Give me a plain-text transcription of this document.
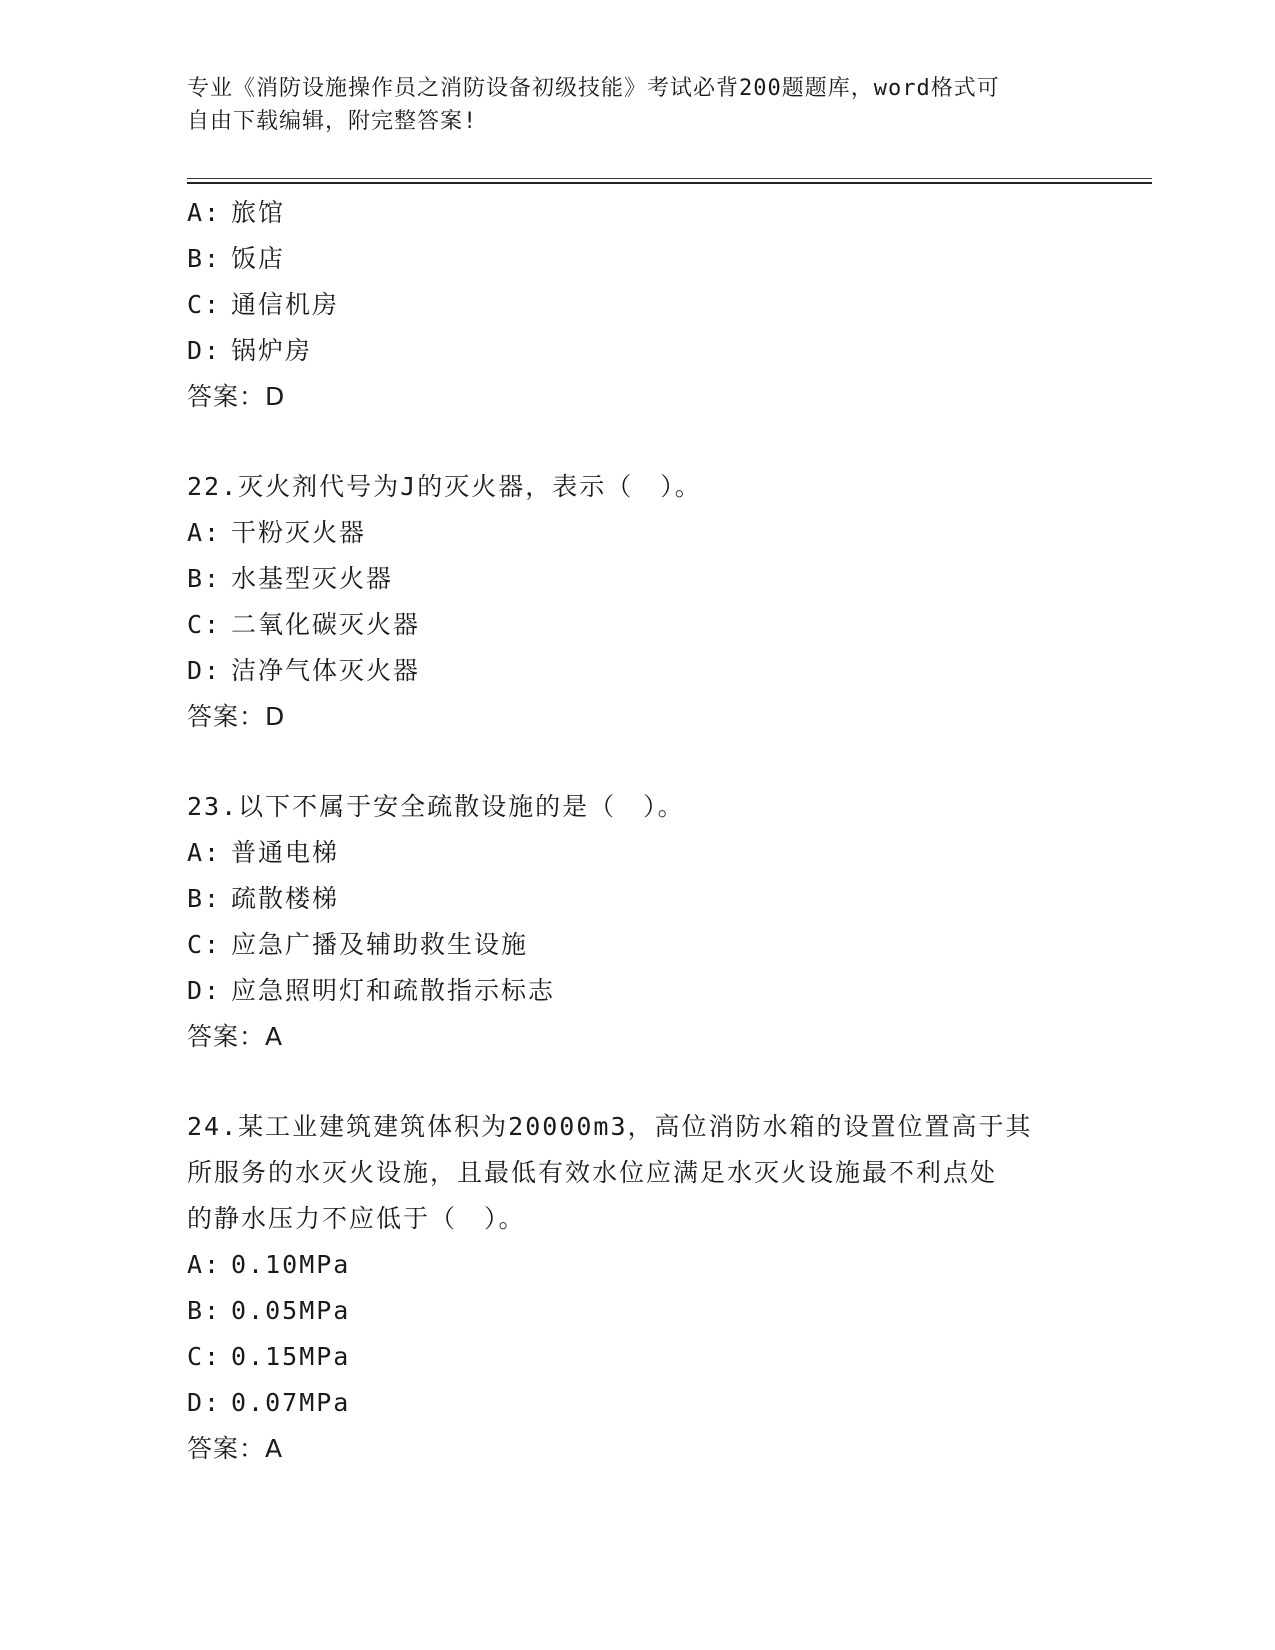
专业《消防设施操作员之消防设备初级技能》考试必背200题题库，word格式可
自由下载编辑，附完整答案!
A: 旅馆
B: 饭店
C: 通信机房
D: 锅炉房
答案：D
22.灭火剂代号为J的灭火器，表示（　）。
A: 干粉灭火器
B: 水基型灭火器
C: 二氧化碳灭火器
D: 洁净气体灭火器
答案：D
23.以下不属于安全疏散设施的是（　）。
A: 普通电梯
B: 疏散楼梯
C: 应急广播及辅助救生设施
D: 应急照明灯和疏散指示标志
答案：A
24.某工业建筑建筑体积为20000m3，高位消防水箱的设置位置高于其
所服务的水灭火设施，且最低有效水位应满足水灭火设施最不利点处
的静水压力不应低于（　）。
A: 0.10MPa
B: 0.05MPa
C: 0.15MPa
D: 0.07MPa
答案：A
